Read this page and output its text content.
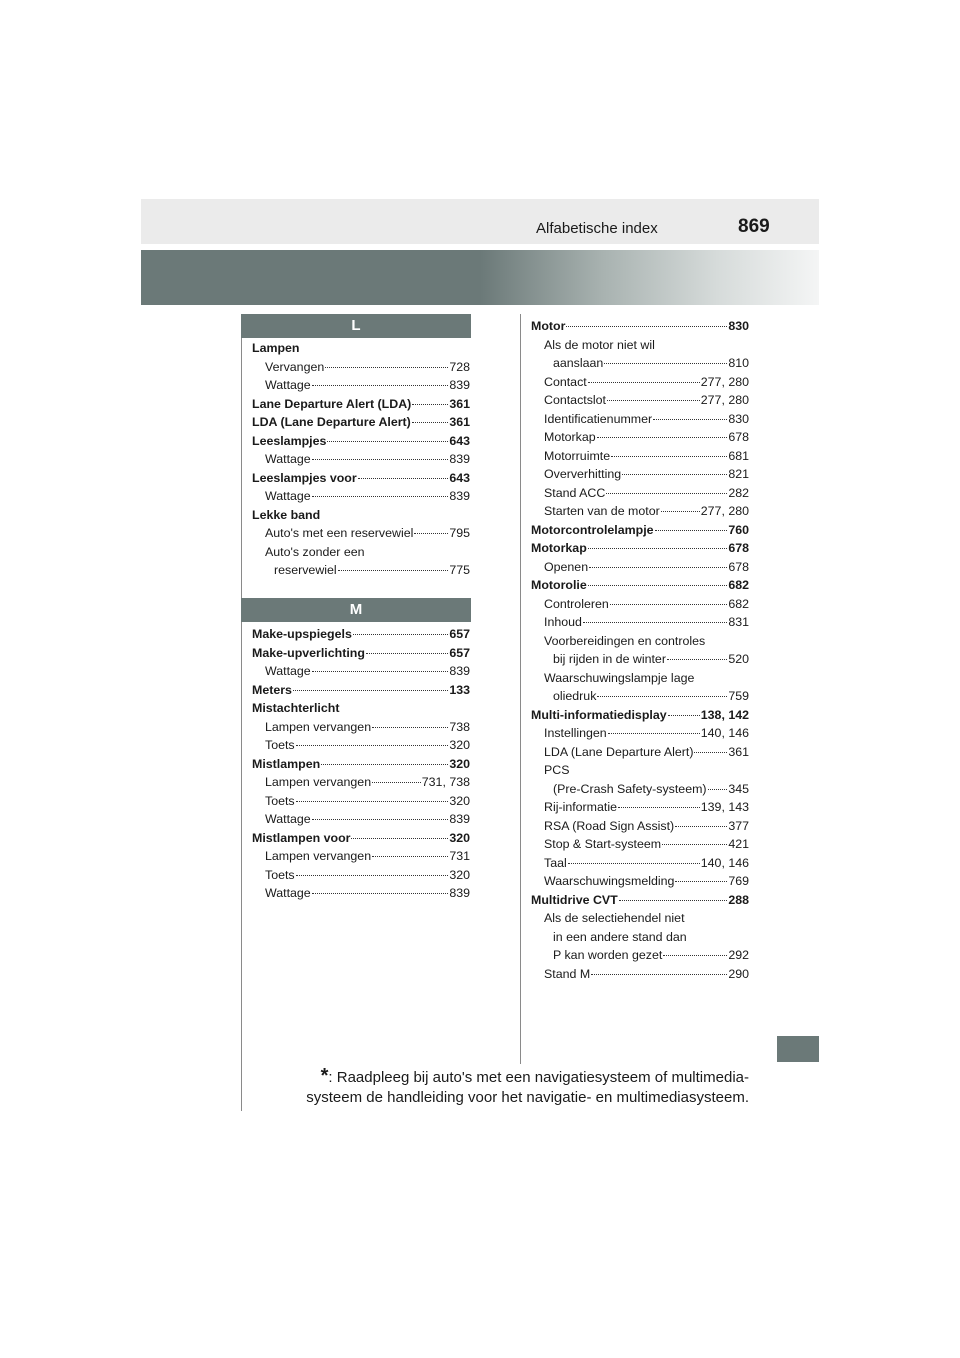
Alfabetische index	869
L
Lampen
Vervangen	728
Wattage	839
Lane Departure Alert (LDA)	361
LDA (Lane Departure Alert)	361
Leeslampjes	643
Wattage	839
Leeslampjes voor	643
Wattage	839
Lekke band
Auto's met een reservewiel	795
Auto's zonder een
reservewiel	775
M
Make-upspiegels	657
Make-upverlichting	657
Wattage	839
Meters	133
Mistachterlicht
Lampen vervangen	738
Toets	320
Mistlampen	320
Lampen vervangen	731, 738
Toets	320
Wattage	839
Mistlampen voor	320
Lampen vervangen	731
Toets	320
Wattage	839
Motor	830
Als de motor niet wil
aanslaan	810
Contact	277, 280
Contactslot	277, 280
Identificatienummer	830
Motorkap	678
Motorruimte	681
Oververhitting	821
Stand ACC	282
Starten van de motor	277, 280
Motorcontrolelampje	760
Motorkap	678
Openen	678
Motorolie	682
Controleren	682
Inhoud	831
Voorbereidingen en controles
bij rijden in de winter	520
Waarschuwingslampje lage
oliedruk	759
Multi-informatiedisplay	138, 142
Instellingen	140, 146
LDA (Lane Departure Alert)	361
PCS
(Pre-Crash Safety-systeem) 345
Rij-informatie	139, 143
RSA (Road Sign Assist)	377
Stop & Start-systeem	421
Taal	140, 146
Waarschuwingsmelding	769
Multidrive CVT	288
Als de selectiehendel niet
in een andere stand dan
P kan worden gezet	292
Stand M	290
*: Raadpleeg bij auto's met een navigatiesysteem of multimedia-
systeem de handleiding voor het navigatie- en multimediasysteem.
